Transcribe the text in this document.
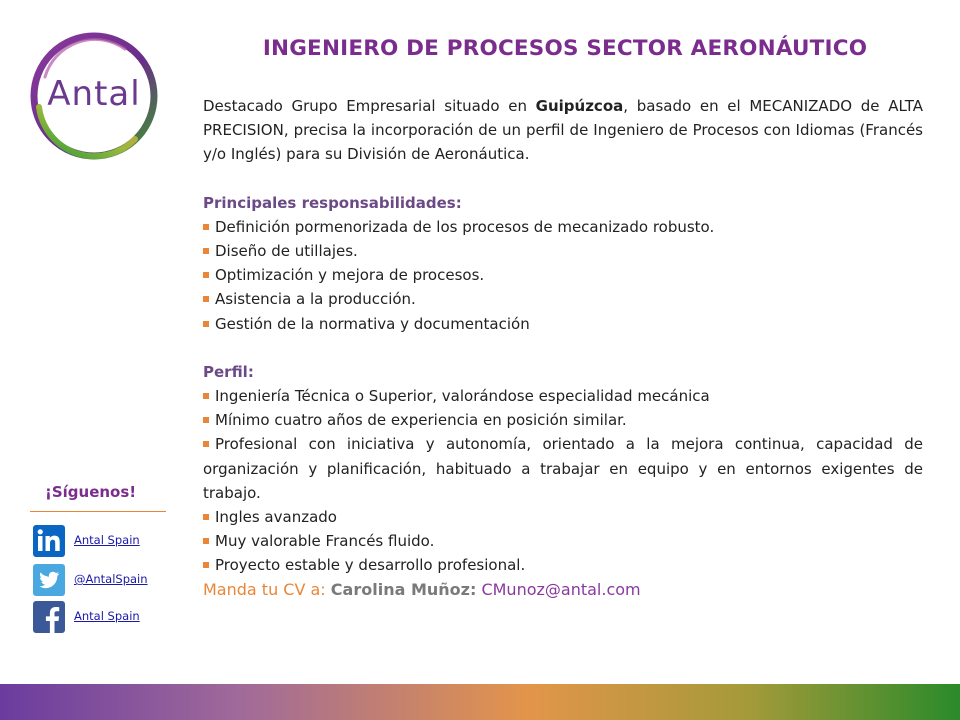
Antal
INGENIERO DE PROCESOS SECTOR AERONÁUTICO

Destacado Grupo Empresarial situado en Guipúzcoa, basado en el MECANIZADO de ALTA PRECISION, precisa la incorporación de un perfil de Ingeniero de Procesos con Idiomas (Francés y/o Inglés) para su División de Aeronáutica.

Principales responsabilidades:

Definición pormenorizada de los procesos de mecanizado robusto.

Diseño de utillajes.

Optimización y mejora de procesos.

Asistencia a la producción.

Gestión de la normativa y documentación

Perfil:

Ingeniería Técnica o Superior, valorándose especialidad mecánica

Mínimo cuatro años de experiencia en posición similar.

Profesional con iniciativa y autonomía, orientado a la mejora continua, capacidad de organización y planificación, habituado a trabajar en equipo y en entornos exigentes de trabajo.

Ingles avanzado

Muy valorable Francés fluido.

Proyecto estable y desarrollo profesional.

Manda tu CV a: Carolina Muñoz: CMunoz@antal.com

¡Síguenos!
Antal Spain
@AntalSpain
Antal Spain
